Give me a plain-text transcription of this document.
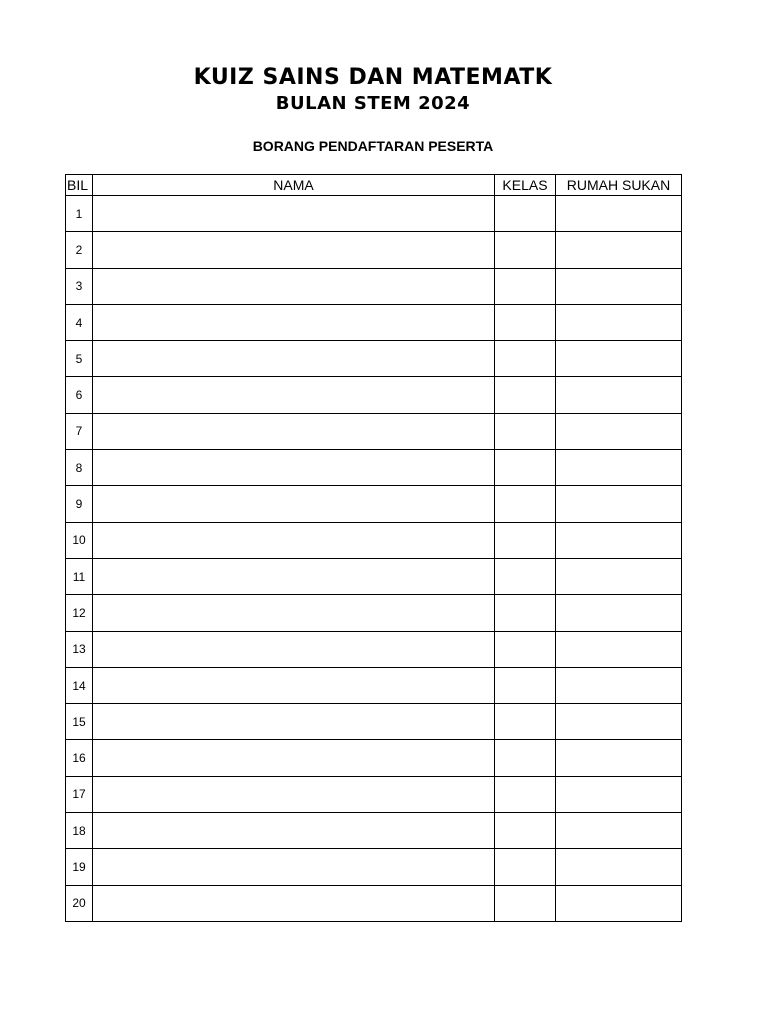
KUIZ SAINS DAN MATEMATK
BULAN STEM 2024
BORANG PENDAFTARAN PESERTA
BIL	NAMA	KELAS	RUMAH SUKAN
1			
2			
3			
4			
5			
6			
7			
8			
9			
10			
11			
12			
13			
14			
15			
16			
17			
18			
19			
20			
